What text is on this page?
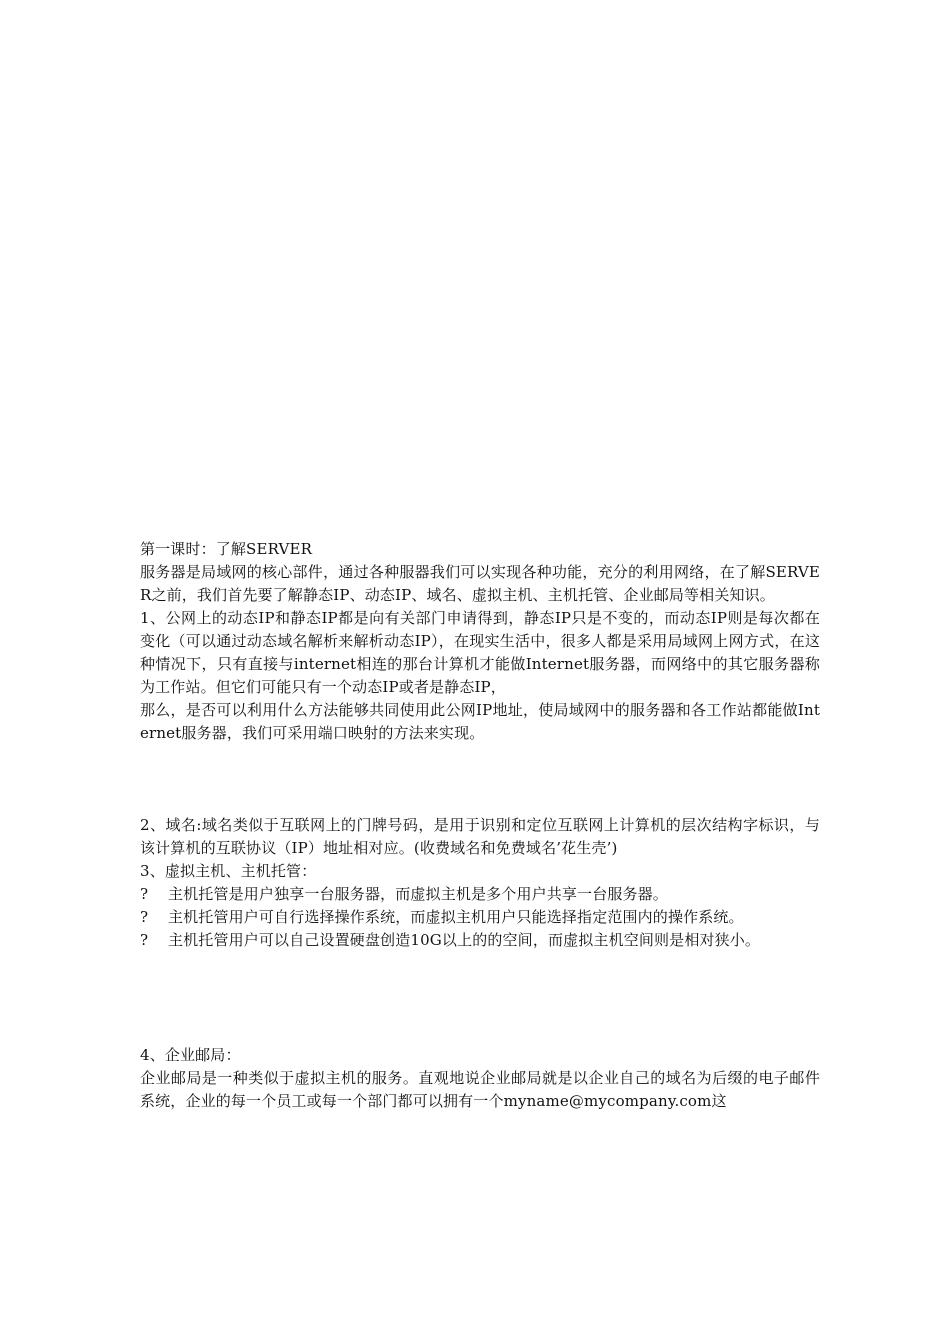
第一课时：了解SERVER

服务器是局域网的核心部件，通过各种服器我们可以实现各种功能，充分的利用网络，在了解SERVER之前，我们首先要了解静态IP、动态IP、域名、虚拟主机、主机托管、企业邮局等相关知识。

1、公网上的动态IP和静态IP都是向有关部门申请得到，静态IP只是不变的，而动态IP则是每次都在变化（可以通过动态域名解析来解析动态IP），在现实生活中，很多人都是采用局域网上网方式，在这种情况下，只有直接与internet相连的那台计算机才能做Internet服务器，而网络中的其它服务器称为工作站。但它们可能只有一个动态IP或者是静态IP，

那么，是否可以利用什么方法能够共同使用此公网IP地址，使局域网中的服务器和各工作站都能做Internet服务器，我们可采用端口映射的方法来实现。

2、域名:域名类似于互联网上的门牌号码，是用于识别和定位互联网上计算机的层次结构字标识，与该计算机的互联协议（IP）地址相对应。(收费域名和免费域名’花生壳’)

3、虚拟主机、主机托管：

?	主机托管是用户独享一台服务器，而虚拟主机是多个用户共享一台服务器。
?	主机托管用户可自行选择操作系统，而虚拟主机用户只能选择指定范围内的操作系统。
?	主机托管用户可以自己设置硬盘创造10G以上的的空间，而虚拟主机空间则是相对狭小。

4、企业邮局：

企业邮局是一种类似于虚拟主机的服务。直观地说企业邮局就是以企业自己的域名为后缀的电子邮件系统，企业的每一个员工或每一个部门都可以拥有一个myname@mycompany.com这
